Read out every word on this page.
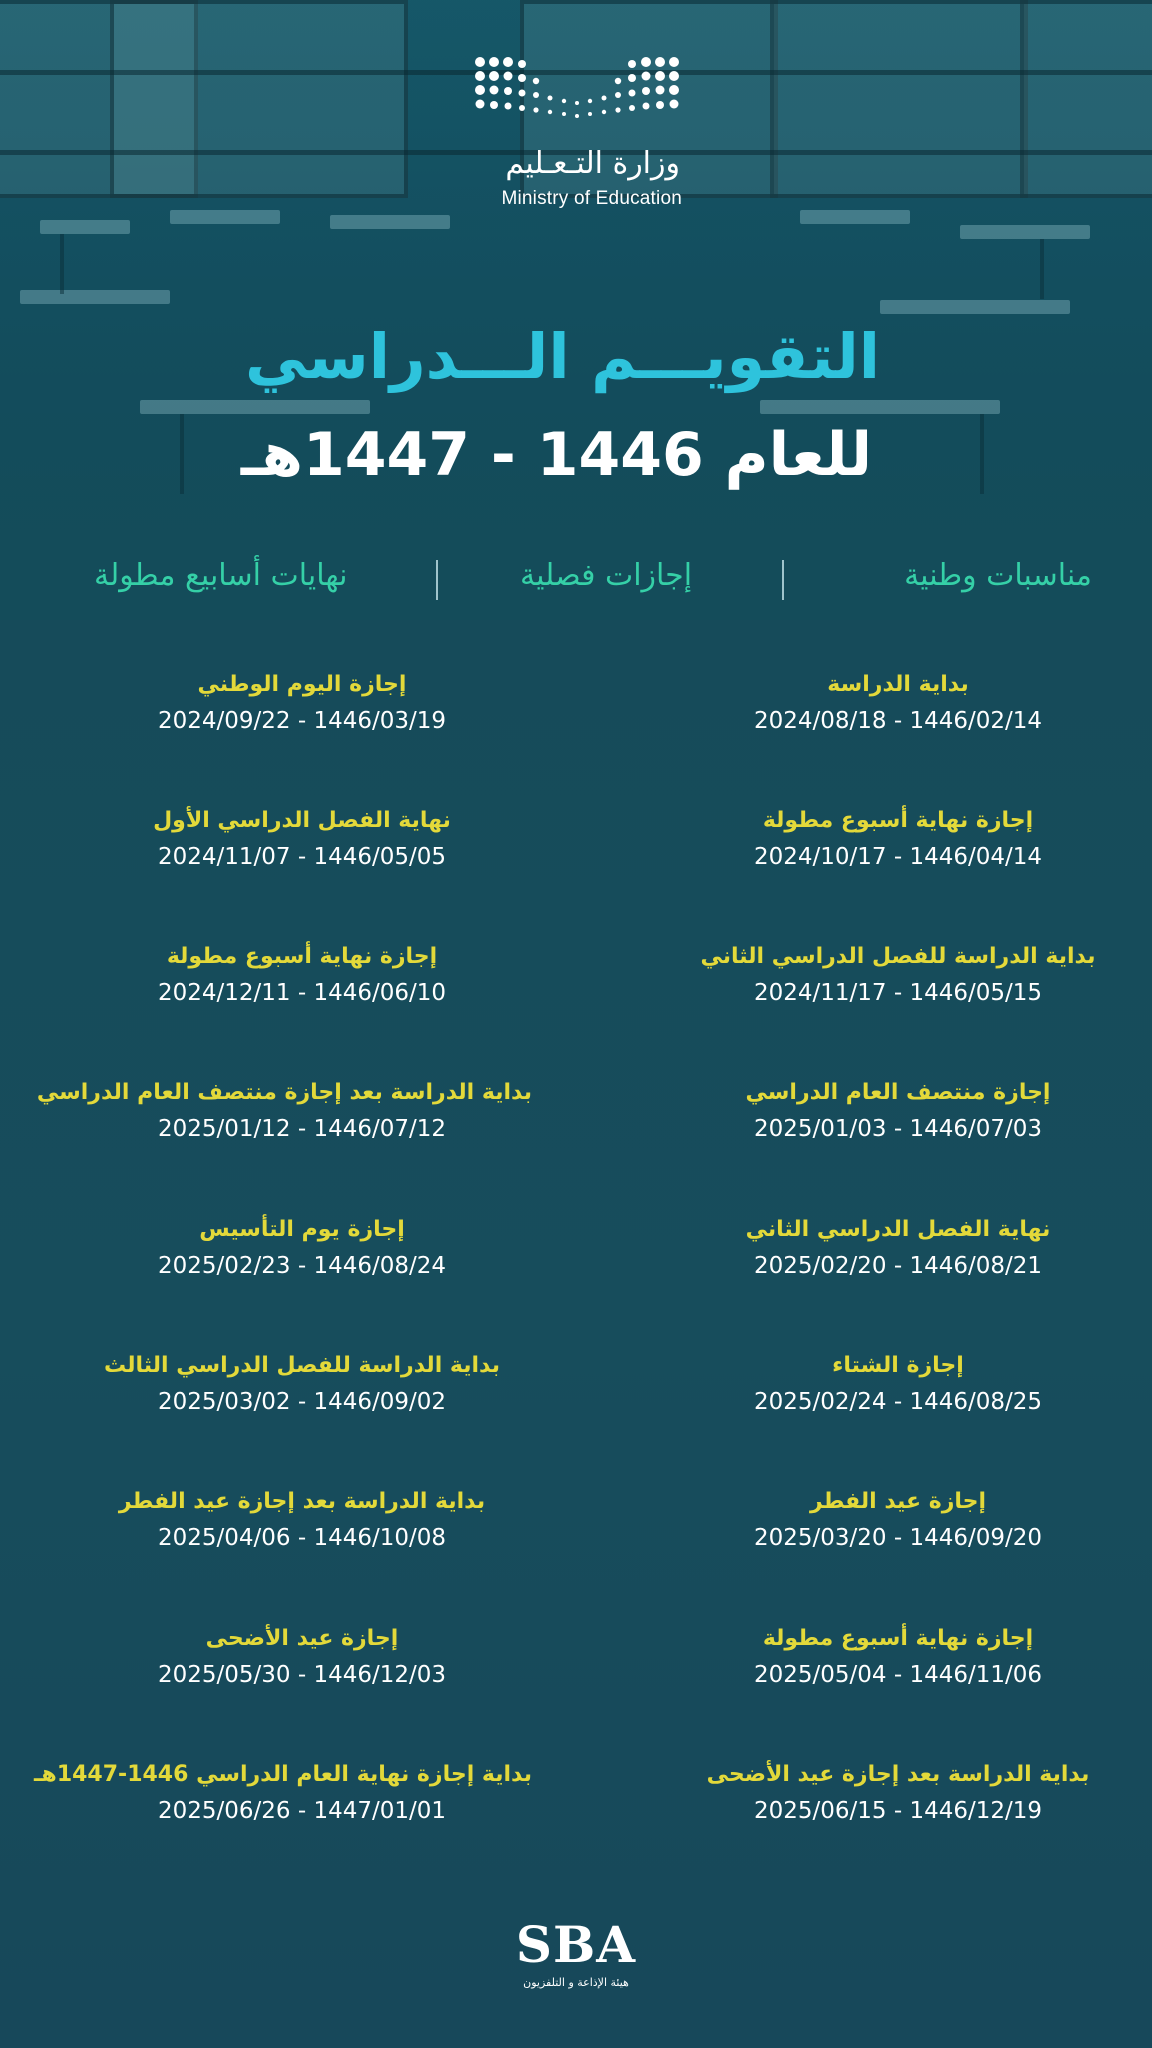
وزارة التـعـليم
Ministry of Education
التقويـــم الـــدراسي
للعام 1446 - 1447هـ
مناسبات وطنية
إجازات فصلية
نهايات أسابيع مطولة
بداية الدراسة
2024/08/18 - 1446/02/14
إجازة نهاية أسبوع مطولة
2024/10/17 - 1446/04/14
بداية الدراسة للفصل الدراسي الثاني
2024/11/17 - 1446/05/15
إجازة منتصف العام الدراسي
2025/01/03 - 1446/07/03
نهاية الفصل الدراسي الثاني
2025/02/20 - 1446/08/21
إجازة الشتاء
2025/02/24 - 1446/08/25
إجازة عيد الفطر
2025/03/20 - 1446/09/20
إجازة نهاية أسبوع مطولة
2025/05/04 - 1446/11/06
بداية الدراسة بعد إجازة عيد الأضحى
2025/06/15 - 1446/12/19
إجازة اليوم الوطني
2024/09/22 - 1446/03/19
نهاية الفصل الدراسي الأول
2024/11/07 - 1446/05/05
إجازة نهاية أسبوع مطولة
2024/12/11 - 1446/06/10
بداية الدراسة بعد إجازة منتصف العام الدراسي
2025/01/12 - 1446/07/12
إجازة يوم التأسيس
2025/02/23 - 1446/08/24
بداية الدراسة للفصل الدراسي الثالث
2025/03/02 - 1446/09/02
بداية الدراسة بعد إجازة عيد الفطر
2025/04/06 - 1446/10/08
إجازة عيد الأضحى
2025/05/30 - 1446/12/03
بداية إجازة نهاية العام الدراسي 1446-1447هـ
2025/06/26 - 1447/01/01
SBA
هيئة الإذاعة و التلفزيون
